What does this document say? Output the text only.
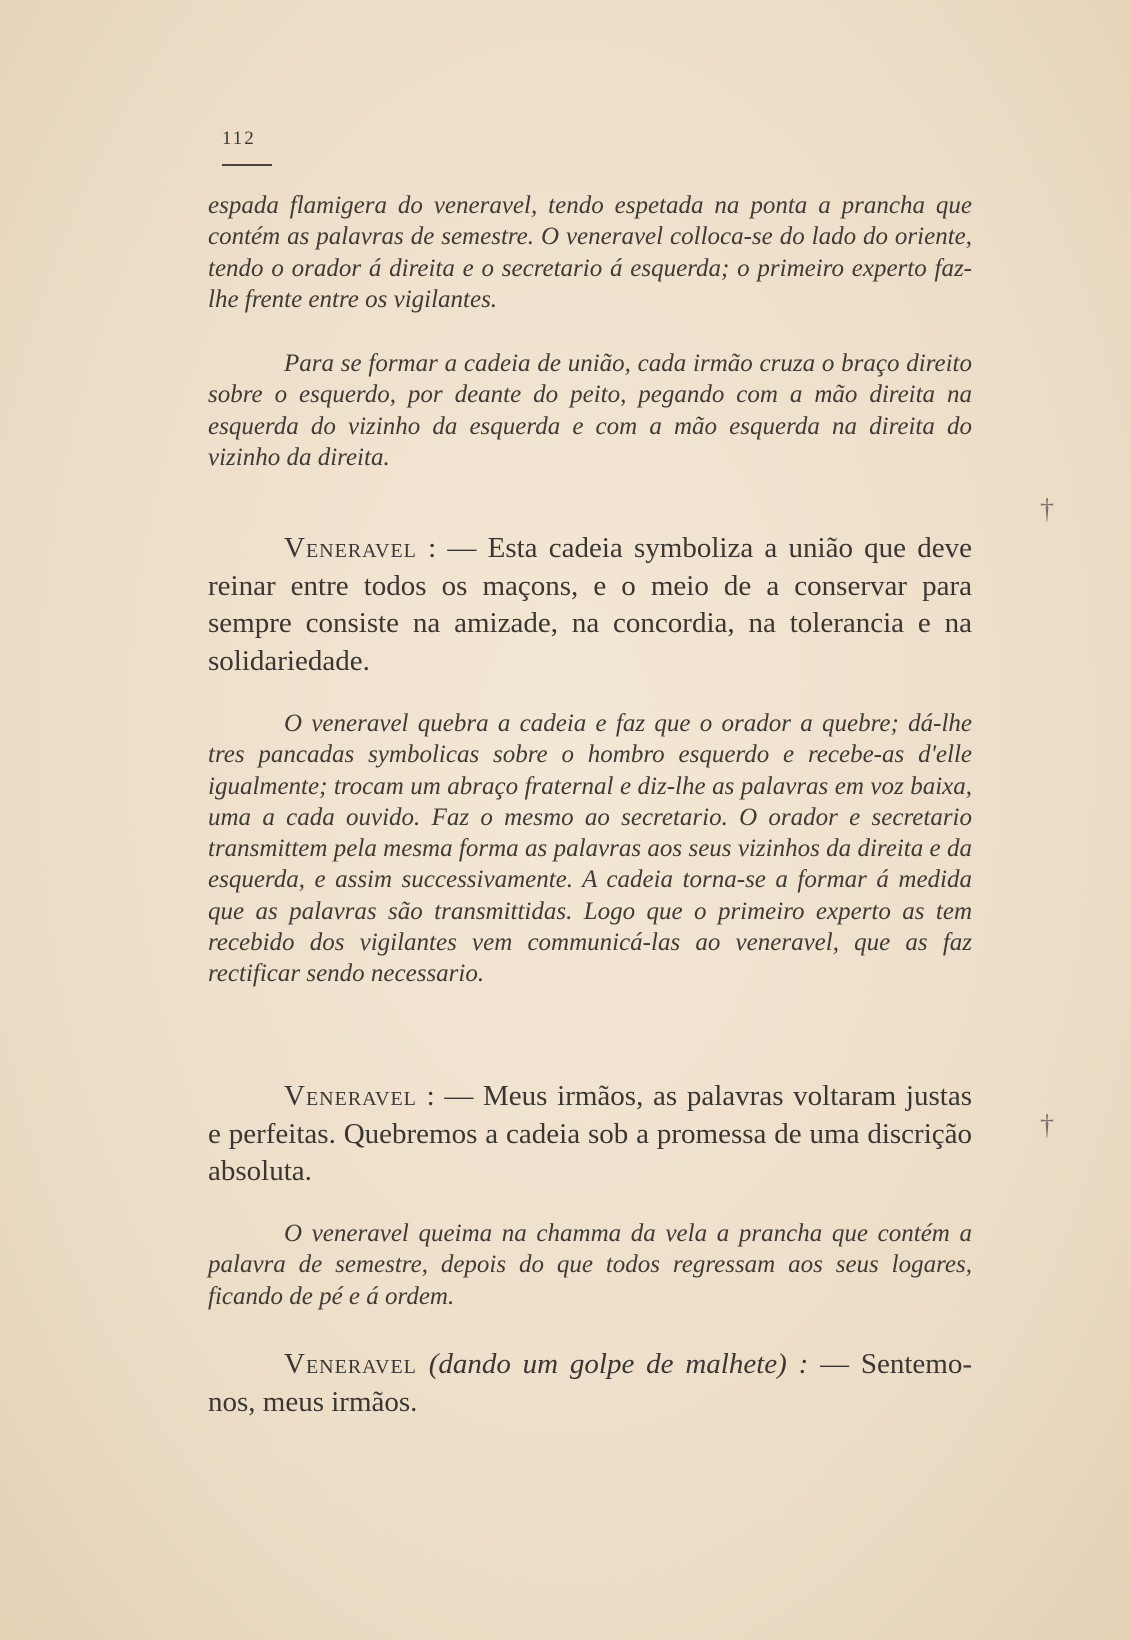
112

espada flamigera do veneravel, tendo espetada na ponta a prancha que contém as palavras de semestre. O veneravel colloca-se do lado do oriente, tendo o orador á direita e o secretario á esquerda; o primeiro experto faz-lhe frente entre os vigilantes.

Para se formar a cadeia de união, cada irmão cruza o braço direito sobre o esquerdo, por deante do peito, pegando com a mão direita na esquerda do vizinho da esquerda e com a mão esquerda na direita do vizinho da direita.

Veneravel : — Esta cadeia symboliza a união que deve reinar entre todos os maçons, e o meio de a conservar para sempre consiste na amizade, na concordia, na tolerancia e na solidariedade.

O veneravel quebra a cadeia e faz que o orador a quebre; dá-lhe tres pancadas symbolicas sobre o hombro esquerdo e recebe-as d'elle igualmente; trocam um abraço fraternal e diz-lhe as palavras em voz baixa, uma a cada ouvido. Faz o mesmo ao secretario. O orador e secretario transmittem pela mesma forma as palavras aos seus vizinhos da direita e da esquerda, e assim successivamente. A cadeia torna-se a formar á medida que as palavras são transmittidas. Logo que o primeiro experto as tem recebido dos vigilantes vem communicá-las ao veneravel, que as faz rectificar sendo necessario.

Veneravel : — Meus irmãos, as palavras voltaram justas e perfeitas. Quebremos a cadeia sob a promessa de uma discrição absoluta.

O veneravel queima na chamma da vela a prancha que contém a palavra de semestre, depois do que todos regressam aos seus logares, ficando de pé e á ordem.

Veneravel (dando um golpe de malhete) : — Sentemo-nos, meus irmãos.

†
†
